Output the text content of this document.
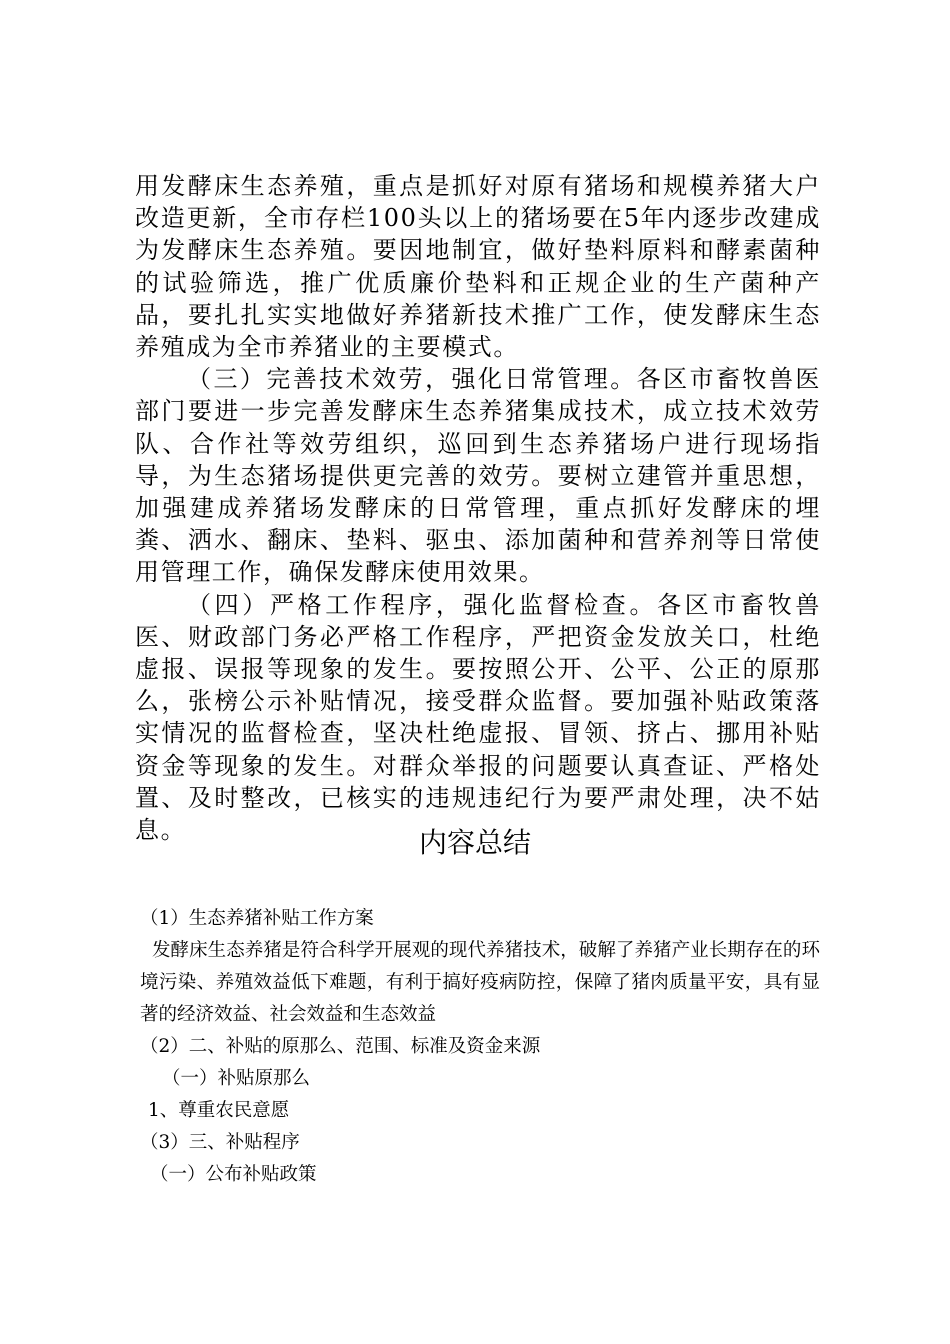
用发酵床生态养殖，重点是抓好对原有猪场和规模养猪大户改造更新，全市存栏100头以上的猪场要在5年内逐步改建成为发酵床生态养殖。要因地制宜，做好垫料原料和酵素菌种的试验筛选，推广优质廉价垫料和正规企业的生产菌种产品，要扎扎实实地做好养猪新技术推广工作，使发酵床生态养殖成为全市养猪业的主要模式。

（三）完善技术效劳，强化日常管理。各区市畜牧兽医部门要进一步完善发酵床生态养猪集成技术，成立技术效劳队、合作社等效劳组织，巡回到生态养猪场户进行现场指导，为生态猪场提供更完善的效劳。要树立建管并重思想，加强建成养猪场发酵床的日常管理，重点抓好发酵床的埋粪、洒水、翻床、垫料、驱虫、添加菌种和营养剂等日常使用管理工作，确保发酵床使用效果。

（四）严格工作程序，强化监督检查。各区市畜牧兽医、财政部门务必严格工作程序，严把资金发放关口，杜绝虚报、误报等现象的发生。要按照公开、公平、公正的原那么，张榜公示补贴情况，接受群众监督。要加强补贴政策落实情况的监督检查，坚决杜绝虚报、冒领、挤占、挪用补贴资金等现象的发生。对群众举报的问题要认真查证、严格处置、及时整改，已核实的违规违纪行为要严肃处理，决不姑息。	内容总结

（1）生态养猪补贴工作方案

发酵床生态养猪是符合科学开展观的现代养猪技术，破解了养猪产业长期存在的环境污染、养殖效益低下难题，有利于搞好疫病防控，保障了猪肉质量平安，具有显著的经济效益、社会效益和生态效益

（2）二、补贴的原那么、范围、标准及资金来源

（一）补贴原那么

1、尊重农民意愿

（3）三、补贴程序

（一）公布补贴政策
